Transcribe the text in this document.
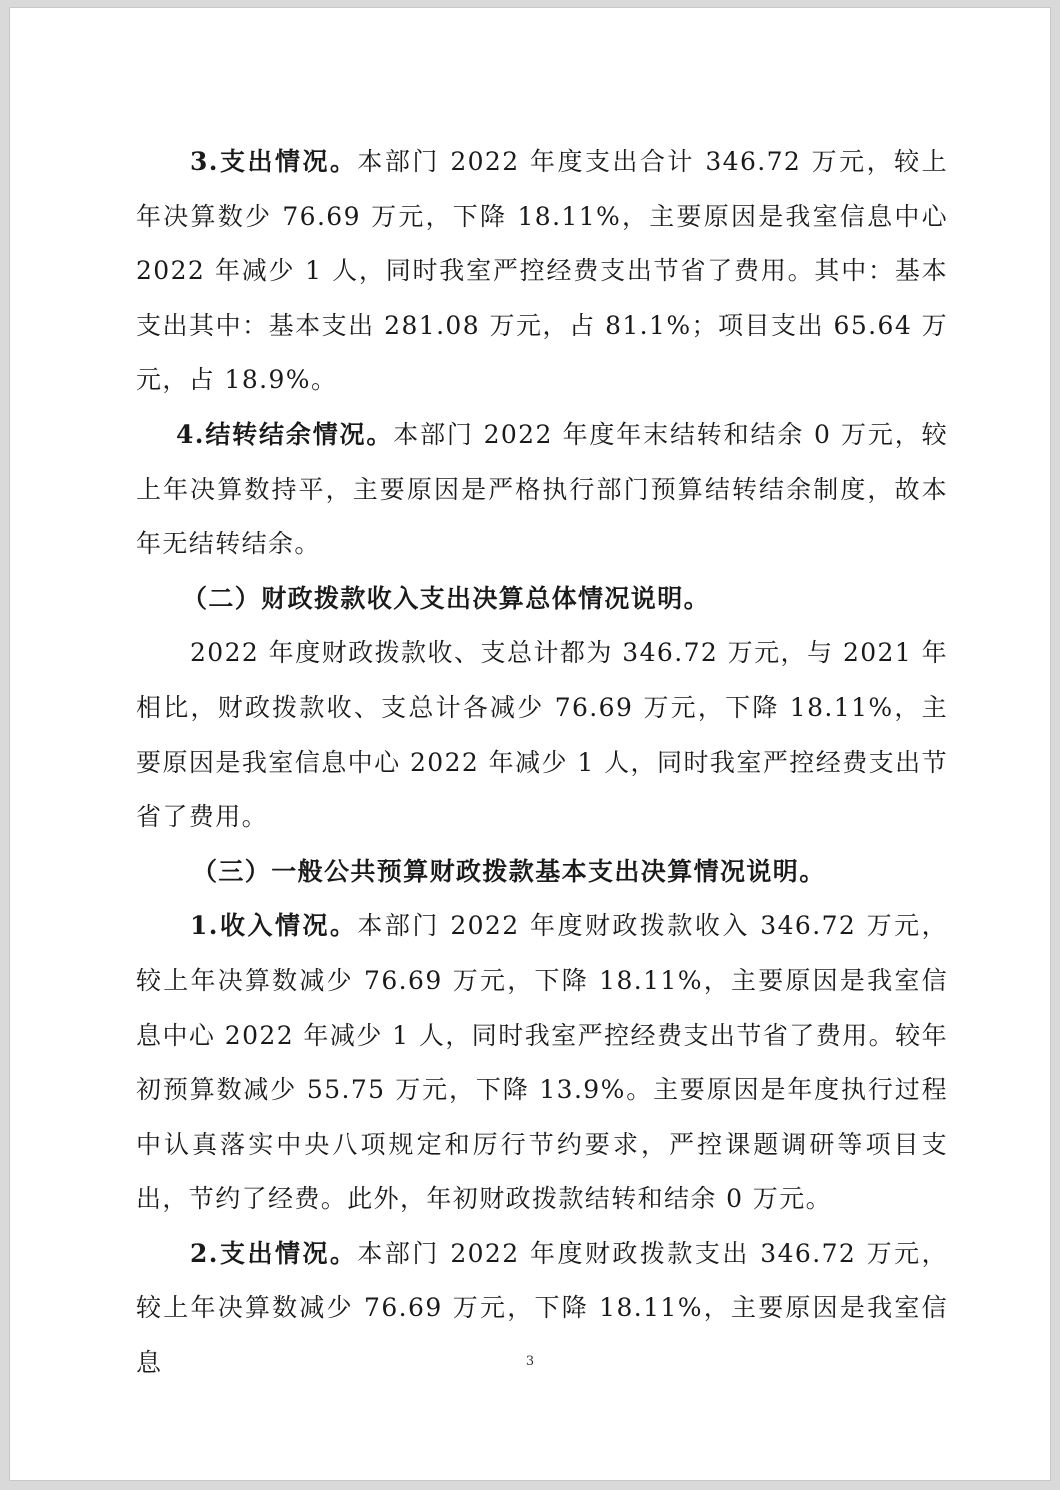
3.支出情况。本部门 2022 年度支出合计 346.72 万元，较上年决算数少 76.69 万元，下降 18.11%，主要原因是我室信息中心 2022 年减少 1 人，同时我室严控经费支出节省了费用。其中：基本支出其中：基本支出 281.08 万元，占 81.1%；项目支出 65.64 万元，占 18.9%。

4.结转结余情况。本部门 2022 年度年末结转和结余 0 万元，较上年决算数持平，主要原因是严格执行部门预算结转结余制度，故本年无结转结余。

（二）财政拨款收入支出决算总体情况说明。

2022 年度财政拨款收、支总计都为 346.72 万元，与 2021 年相比，财政拨款收、支总计各减少 76.69 万元，下降 18.11%，主要原因是我室信息中心 2022 年减少 1 人，同时我室严控经费支出节省了费用。

（三）一般公共预算财政拨款基本支出决算情况说明。

1.收入情况。本部门 2022 年度财政拨款收入 346.72 万元，较上年决算数减少 76.69 万元，下降 18.11%，主要原因是我室信息中心 2022 年减少 1 人，同时我室严控经费支出节省了费用。较年初预算数减少 55.75 万元，下降 13.9%。主要原因是年度执行过程中认真落实中央八项规定和厉行节约要求，严控课题调研等项目支出，节约了经费。此外，年初财政拨款结转和结余 0 万元。

2.支出情况。本部门 2022 年度财政拨款支出 346.72 万元，较上年决算数减少 76.69 万元，下降 18.11%，主要原因是我室信息	3
